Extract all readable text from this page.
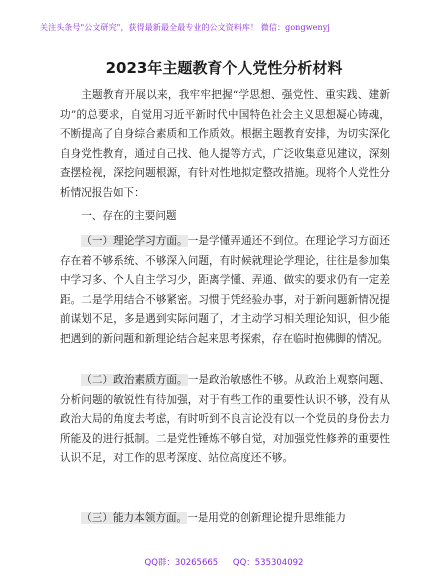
关注头条号"公文研究"，获得最新最全最专业的公文资料库！ 微信：gongwenyj
2023年主题教育个人党性分析材料

主题教育开展以来，我牢牢把握“学思想、强党性、重实践、建新功”的总要求，自觉用习近平新时代中国特色社会主义思想凝心铸魂，不断提高了自身综合素质和工作质效。根据主题教育安排，为切实深化自身党性教育，通过自己找、他人提等方式，广泛收集意见建议，深刻查摆检视，深挖问题根源，有针对性地拟定整改措施。现将个人党性分析情况报告如下：

一、存在的主要问题

（一）理论学习方面。一是学懂弄通还不到位。在理论学习方面还存在着不够系统、不够深入问题，有时候就理论学理论，往往是参加集中学习多、个人自主学习少，距离学懂、弄通、做实的要求仍有一定差距。二是学用结合不够紧密。习惯于凭经验办事，对于新问题新情况提前谋划不足，多是遇到实际问题了，才主动学习相关理论知识，但少能把遇到的新问题和新理论结合起来思考探索，存在临时抱佛脚的情况。

（二）政治素质方面。一是政治敏感性不够。从政治上观察问题、分析问题的敏锐性有待加强，对于有些工作的重要性认识不够，没有从政治大局的角度去考虑，有时听到不良言论没有以一个党员的身份去力所能及的进行抵制。二是党性锤炼不够自觉，对加强党性修养的重要性认识不足，对工作的思考深度、站位高度还不够。

（三）能力本领方面。一是用党的创新理论提升思维能力

QQ群：30265665 QQ：535304092
